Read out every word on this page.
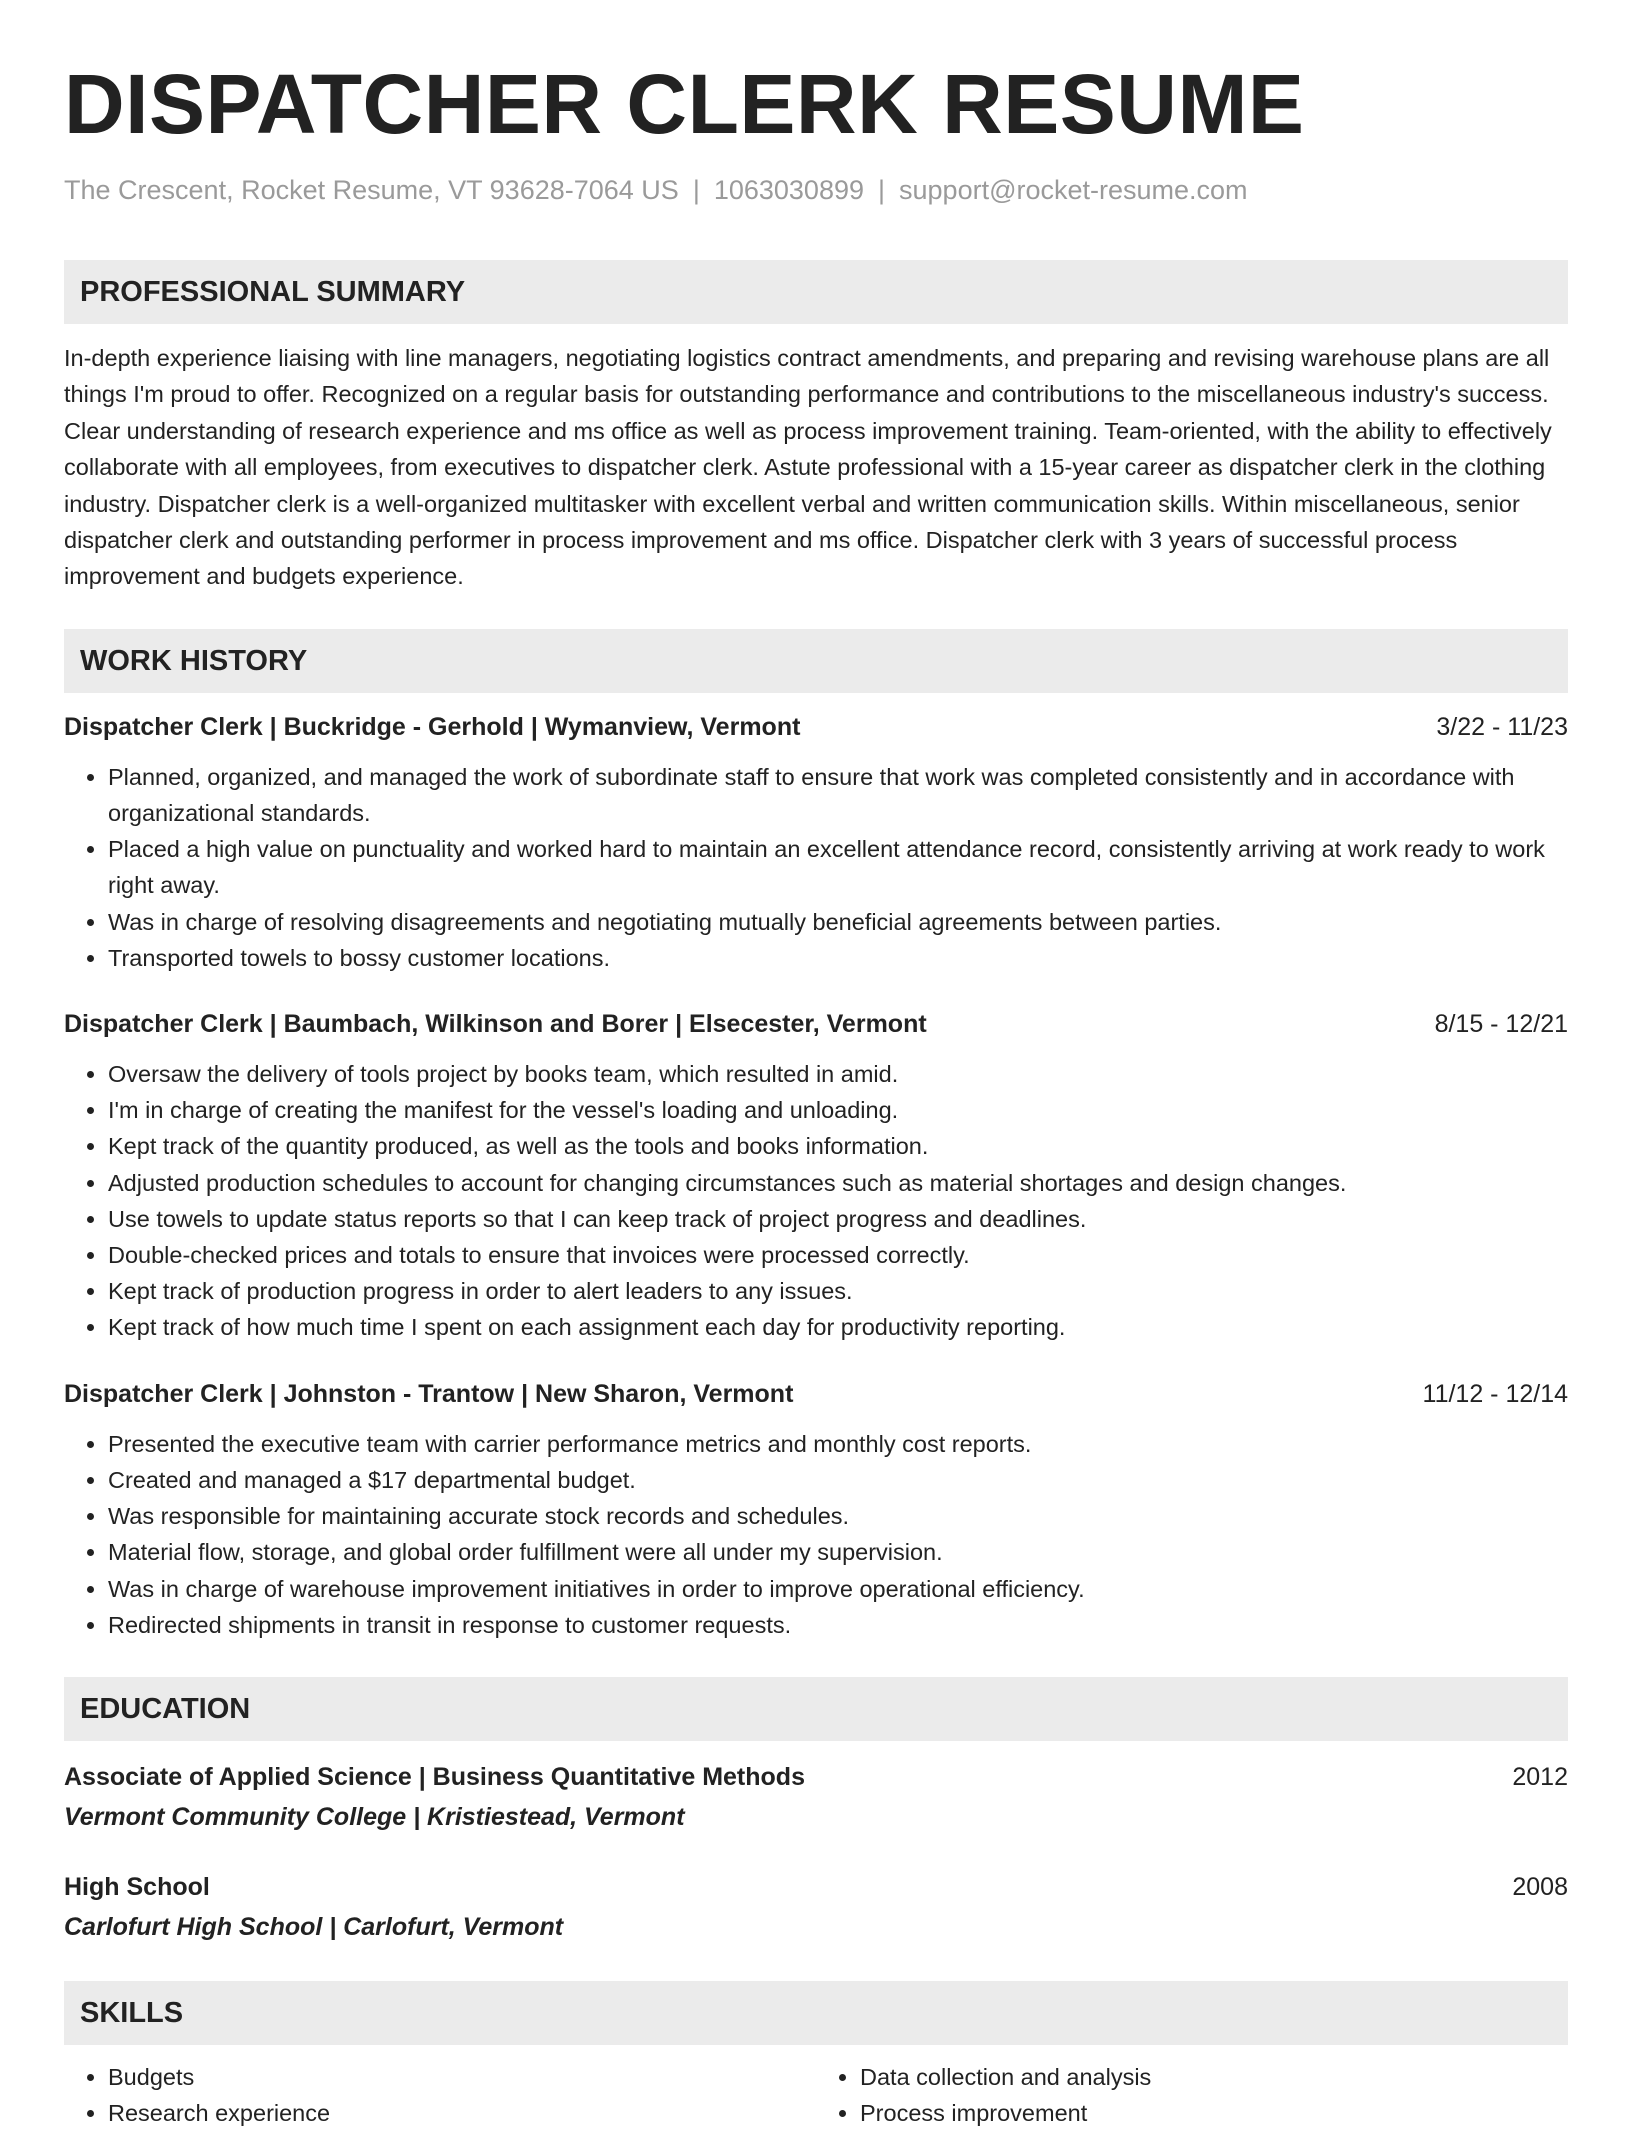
DISPATCHER CLERK RESUME
The Crescent, Rocket Resume, VT 93628-7064 US | 1063030899 | support@rocket-resume.com
PROFESSIONAL SUMMARY
In-depth experience liaising with line managers, negotiating logistics contract amendments, and preparing and revising warehouse plans are all things I'm proud to offer. Recognized on a regular basis for outstanding performance and contributions to the miscellaneous industry's success. Clear understanding of research experience and ms office as well as process improvement training. Team-oriented, with the ability to effectively collaborate with all employees, from executives to dispatcher clerk. Astute professional with a 15-year career as dispatcher clerk in the clothing industry. Dispatcher clerk is a well-organized multitasker with excellent verbal and written communication skills. Within miscellaneous, senior dispatcher clerk and outstanding performer in process improvement and ms office. Dispatcher clerk with 3 years of successful process improvement and budgets experience.
WORK HISTORY
Dispatcher Clerk | Buckridge - Gerhold | Wymanview, Vermont	3/22 - 11/23
• Planned, organized, and managed the work of subordinate staff to ensure that work was completed consistently and in accordance with organizational standards.
• Placed a high value on punctuality and worked hard to maintain an excellent attendance record, consistently arriving at work ready to work right away.
• Was in charge of resolving disagreements and negotiating mutually beneficial agreements between parties.
• Transported towels to bossy customer locations.
Dispatcher Clerk | Baumbach, Wilkinson and Borer | Elsecester, Vermont	8/15 - 12/21
• Oversaw the delivery of tools project by books team, which resulted in amid.
• I'm in charge of creating the manifest for the vessel's loading and unloading.
• Kept track of the quantity produced, as well as the tools and books information.
• Adjusted production schedules to account for changing circumstances such as material shortages and design changes.
• Use towels to update status reports so that I can keep track of project progress and deadlines.
• Double-checked prices and totals to ensure that invoices were processed correctly.
• Kept track of production progress in order to alert leaders to any issues.
• Kept track of how much time I spent on each assignment each day for productivity reporting.
Dispatcher Clerk | Johnston - Trantow | New Sharon, Vermont	11/12 - 12/14
• Presented the executive team with carrier performance metrics and monthly cost reports.
• Created and managed a $17 departmental budget.
• Was responsible for maintaining accurate stock records and schedules.
• Material flow, storage, and global order fulfillment were all under my supervision.
• Was in charge of warehouse improvement initiatives in order to improve operational efficiency.
• Redirected shipments in transit in response to customer requests.
EDUCATION
Associate of Applied Science | Business Quantitative Methods	2012
Vermont Community College | Kristiestead, Vermont
High School	2008
Carlofurt High School | Carlofurt, Vermont
SKILLS
• Budgets
• Research experience
• Data collection and analysis
• Process improvement
